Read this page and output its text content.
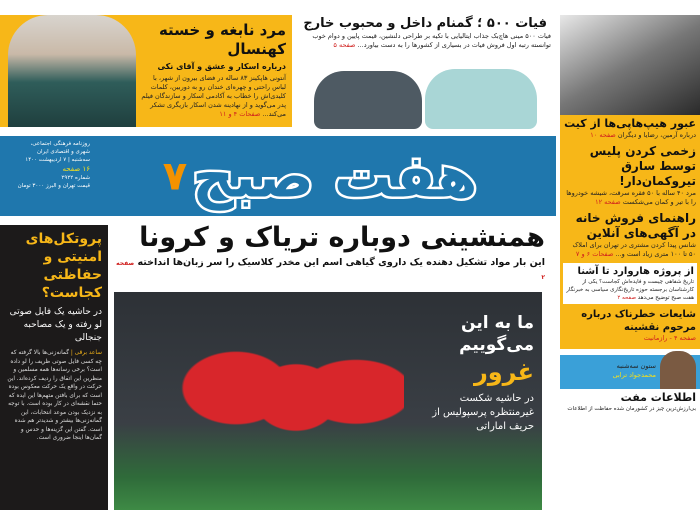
مرد نابغه و خسته کهنسال
درباره اسکار و عشق و آقای نکی
آنتونی هاپکینز ۸۳ ساله در فضای بیرون از شهر، با لباس راحتی و چهره‌ای خندان رو به دوربین، کلمات کلیدی‌اش را خطاب به آکادمی اسکار و سازندگان فیلم پدر می‌گوید و از نهادینه شدن اسکار بازیگری تشکر می‌کند... صفحات ۴ و ۱۱
فیات ۵۰۰ ؛ گمنام داخل و محبوب خارج
فیات ۵۰۰ مینی هاچ‌بک جذاب ایتالیایی با تکیه بر طراحی دلنشین، قیمت پایین و دوام خوب توانسته رتبه اول فروش فیات در بسیاری از کشورها را به دست بیاورد... صفحه ۵
عبور هیپ‌هاپی‌ها از کیت
درباره آرمین، رضایا و دیگران صفحه ۱۰
زخمی کردن پلیس توسط سارق تیروکمان‌دار!
مرد ۴۰ ساله با ۵۰ فقره سرقت، شیشه خودروها را با تیر و کمان می‌شکست صفحه ۱۲
راهنمای فروش خانه در آگهی‌های آنلاین
شانس پیدا کردن مشتری در تهران برای املاک ۵۰ تا ۱۰۰ متری زیاد است و... صفحات ۶ و ۷
از پروژه هاروارد تا آشنا
تاریخ شفاهی چیست و فایده‌اش کجاست؟ یکی از کارشناسان برجسته حوزه تاریخ‌نگاری سیاسی به خبرنگار هفت صبح توضیح می‌دهد صفحه ۲
شایعات خطرناک درباره مرحوم نقشینه
صفحه ۴ - رازمانیت
ستون سه‌شنبه
محمدجواد ترابی
اطلاعات مفت
بی‌ارزش‌ترین چیز در کشورمان شده حفاظت از اطلاعات
روزنامه فرهنگی اجتماعی،
شهری و اقتصادی ایران
سه‌شنبه | ۷ اردیبهشت ۱۴۰۰
۱۶ صفحه
شماره ۲۹۲۲
قیمت تهران و البرز ۳۰۰۰ تومان	هفت صبح ۷
همنشینی دوباره تریاک و کرونا
این بار مواد تشکیل دهنده یک داروی گیاهی اسم این مخدر کلاسیک را سر زبان‌ها انداخته صفحه ۲
پروتکل‌های امنیتی و حفاظتی کجاست؟
در حاشیه یک فایل صوتی لو رفته و یک مصاحبه جنجالی
ساعد برقی | گمانه‌زنی‌ها بالا گرفته که چه کسی فایل صوتی ظریف را لو داده است؟ برخی رسانه‌ها همه مسلمین و منظرین این اتفاق را ردیف کرده‌اند. این حرکت در واقع یک حرکت معکوس بوده است که برای بافتن متهم‌ها این ایده که حتما نقشه‌ای در کار بوده است. با توجه به نزدیک بودن موعد انتخابات، این گمانه‌زنی‌ها بیشتر و شدیدتر هم شده است. گفتن این گزینه‌ها و حدس و گمان‌ها اینجا ضروری است.
ما به این
می‌گوییم
غرور
در حاشیه شکست غیرمنتظره پرسپولیس از حریف اماراتی
